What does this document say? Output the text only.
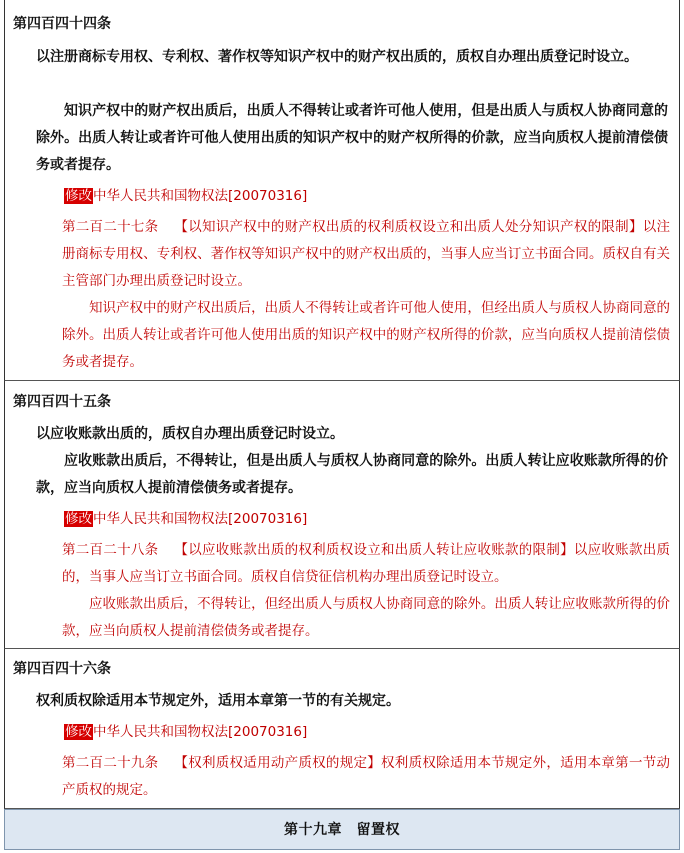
第四百四十四条
以注册商标专用权、专利权、著作权等知识产权中的财产权出质的，质权自办理出质登记时设立。
知识产权中的财产权出质后，出质人不得转让或者许可他人使用，但是出质人与质权人协商同意的除外。出质人转让或者许可他人使用出质的知识产权中的财产权所得的价款，应当向质权人提前清偿债务或者提存。
修改中华人民共和国物权法[20070316]
第二百二十七条 【以知识产权中的财产权出质的权利质权设立和出质人处分知识产权的限制】以注册商标专用权、专利权、著作权等知识产权中的财产权出质的，当事人应当订立书面合同。质权自有关主管部门办理出质登记时设立。
知识产权中的财产权出质后，出质人不得转让或者许可他人使用，但经出质人与质权人协商同意的除外。出质人转让或者许可他人使用出质的知识产权中的财产权所得的价款，应当向质权人提前清偿债务或者提存。
第四百四十五条
以应收账款出质的，质权自办理出质登记时设立。
应收账款出质后，不得转让，但是出质人与质权人协商同意的除外。出质人转让应收账款所得的价款，应当向质权人提前清偿债务或者提存。
修改中华人民共和国物权法[20070316]
第二百二十八条 【以应收账款出质的权利质权设立和出质人转让应收账款的限制】以应收账款出质的，当事人应当订立书面合同。质权自信贷征信机构办理出质登记时设立。
应收账款出质后，不得转让，但经出质人与质权人协商同意的除外。出质人转让应收账款所得的价款，应当向质权人提前清偿债务或者提存。
第四百四十六条
权利质权除适用本节规定外，适用本章第一节的有关规定。
修改中华人民共和国物权法[20070316]
第二百二十九条 【权利质权适用动产质权的规定】权利质权除适用本节规定外，适用本章第一节动产质权的规定。
第十九章　留置权
